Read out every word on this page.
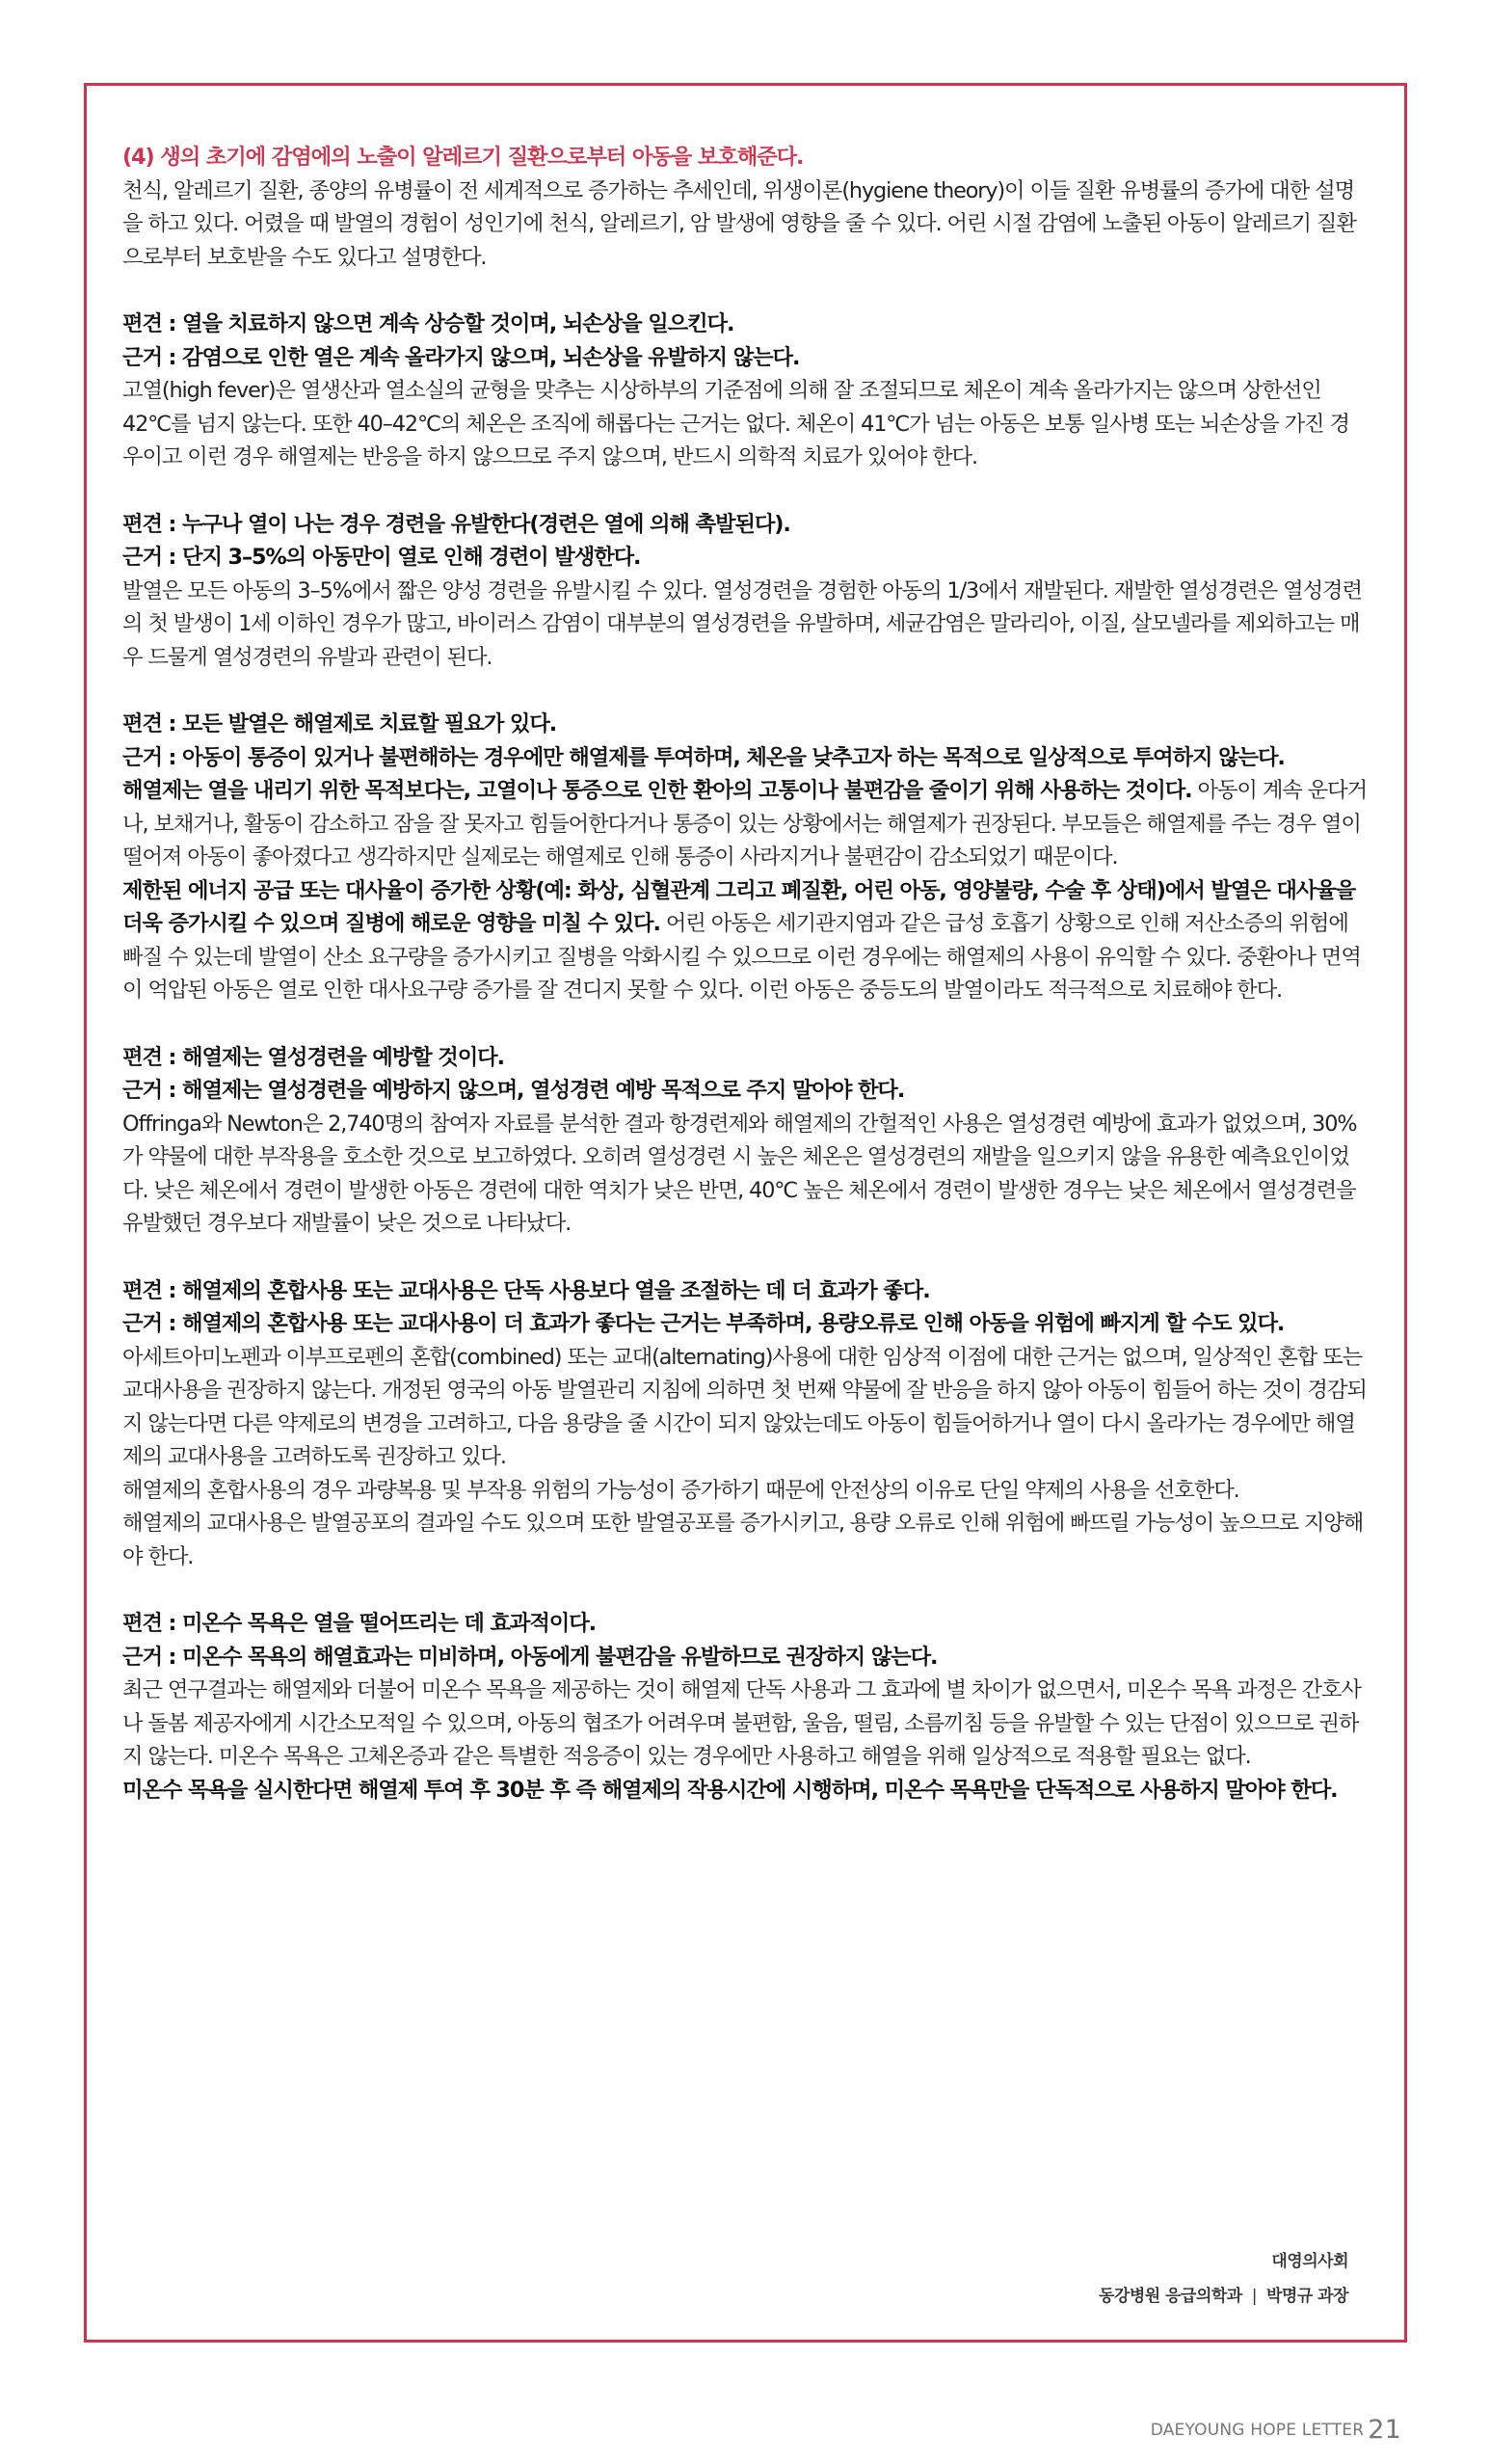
(4) 생의 초기에 감염에의 노출이 알레르기 질환으로부터 아동을 보호해준다.

천식, 알레르기 질환, 종양의 유병률이 전 세계적으로 증가하는 추세인데, 위생이론(hygiene theory)이 이들 질환 유병률의 증가에 대한 설명을 하고 있다. 어렸을 때 발열의 경험이 성인기에 천식, 알레르기, 암 발생에 영향을 줄 수 있다. 어린 시절 감염에 노출된 아동이 알레르기 질환으로부터 보호받을 수도 있다고 설명한다.

편견 : 열을 치료하지 않으면 계속 상승할 것이며, 뇌손상을 일으킨다.

근거 : 감염으로 인한 열은 계속 올라가지 않으며, 뇌손상을 유발하지 않는다.

고열(high fever)은 열생산과 열소실의 균형을 맞추는 시상하부의 기준점에 의해 잘 조절되므로 체온이 계속 올라가지는 않으며 상한선인 42℃를 넘지 않는다. 또한 40–42℃의 체온은 조직에 해롭다는 근거는 없다. 체온이 41℃가 넘는 아동은 보통 일사병 또는 뇌손상을 가진 경우이고 이런 경우 해열제는 반응을 하지 않으므로 주지 않으며, 반드시 의학적 치료가 있어야 한다.

편견 : 누구나 열이 나는 경우 경련을 유발한다(경련은 열에 의해 촉발된다).

근거 : 단지 3–5%의 아동만이 열로 인해 경련이 발생한다.

발열은 모든 아동의 3–5%에서 짧은 양성 경련을 유발시킬 수 있다. 열성경련을 경험한 아동의 1/3에서 재발된다. 재발한 열성경련은 열성경련의 첫 발생이 1세 이하인 경우가 많고, 바이러스 감염이 대부분의 열성경련을 유발하며, 세균감염은 말라리아, 이질, 살모넬라를 제외하고는 매우 드물게 열성경련의 유발과 관련이 된다.

편견 : 모든 발열은 해열제로 치료할 필요가 있다.

근거 : 아동이 통증이 있거나 불편해하는 경우에만 해열제를 투여하며, 체온을 낮추고자 하는 목적으로 일상적으로 투여하지 않는다.

해열제는 열을 내리기 위한 목적보다는, 고열이나 통증으로 인한 환아의 고통이나 불편감을 줄이기 위해 사용하는 것이다. 아동이 계속 운다거나, 보채거나, 활동이 감소하고 잠을 잘 못자고 힘들어한다거나 통증이 있는 상황에서는 해열제가 권장된다. 부모들은 해열제를 주는 경우 열이 떨어져 아동이 좋아졌다고 생각하지만 실제로는 해열제로 인해 통증이 사라지거나 불편감이 감소되었기 때문이다.

제한된 에너지 공급 또는 대사율이 증가한 상황(예: 화상, 심혈관계 그리고 폐질환, 어린 아동, 영양불량, 수술 후 상태)에서 발열은 대사율을 더욱 증가시킬 수 있으며 질병에 해로운 영향을 미칠 수 있다. 어린 아동은 세기관지염과 같은 급성 호흡기 상황으로 인해 저산소증의 위험에 빠질 수 있는데 발열이 산소 요구량을 증가시키고 질병을 악화시킬 수 있으므로 이런 경우에는 해열제의 사용이 유익할 수 있다. 중환아나 면역이 억압된 아동은 열로 인한 대사요구량 증가를 잘 견디지 못할 수 있다. 이런 아동은 중등도의 발열이라도 적극적으로 치료해야 한다.

편견 : 해열제는 열성경련을 예방할 것이다.

근거 : 해열제는 열성경련을 예방하지 않으며, 열성경련 예방 목적으로 주지 말아야 한다.

Offringa와 Newton은 2,740명의 참여자 자료를 분석한 결과 항경련제와 해열제의 간헐적인 사용은 열성경련 예방에 효과가 없었으며, 30%가 약물에 대한 부작용을 호소한 것으로 보고하였다. 오히려 열성경련 시 높은 체온은 열성경련의 재발을 일으키지 않을 유용한 예측요인이었다. 낮은 체온에서 경련이 발생한 아동은 경련에 대한 역치가 낮은 반면, 40℃ 높은 체온에서 경련이 발생한 경우는 낮은 체온에서 열성경련을 유발했던 경우보다 재발률이 낮은 것으로 나타났다.

편견 : 해열제의 혼합사용 또는 교대사용은 단독 사용보다 열을 조절하는 데 더 효과가 좋다.

근거 : 해열제의 혼합사용 또는 교대사용이 더 효과가 좋다는 근거는 부족하며, 용량오류로 인해 아동을 위험에 빠지게 할 수도 있다.

아세트아미노펜과 이부프로펜의 혼합(combined) 또는 교대(alternating)사용에 대한 임상적 이점에 대한 근거는 없으며, 일상적인 혼합 또는 교대사용을 권장하지 않는다. 개정된 영국의 아동 발열관리 지침에 의하면 첫 번째 약물에 잘 반응을 하지 않아 아동이 힘들어 하는 것이 경감되지 않는다면 다른 약제로의 변경을 고려하고, 다음 용량을 줄 시간이 되지 않았는데도 아동이 힘들어하거나 열이 다시 올라가는 경우에만 해열제의 교대사용을 고려하도록 권장하고 있다.

해열제의 혼합사용의 경우 과량복용 및 부작용 위험의 가능성이 증가하기 때문에 안전상의 이유로 단일 약제의 사용을 선호한다.

해열제의 교대사용은 발열공포의 결과일 수도 있으며 또한 발열공포를 증가시키고, 용량 오류로 인해 위험에 빠뜨릴 가능성이 높으므로 지양해야 한다.

편견 : 미온수 목욕은 열을 떨어뜨리는 데 효과적이다.

근거 : 미온수 목욕의 해열효과는 미비하며, 아동에게 불편감을 유발하므로 권장하지 않는다.

최근 연구결과는 해열제와 더불어 미온수 목욕을 제공하는 것이 해열제 단독 사용과 그 효과에 별 차이가 없으면서, 미온수 목욕 과정은 간호사나 돌봄 제공자에게 시간소모적일 수 있으며, 아동의 협조가 어려우며 불편함, 울음, 떨림, 소름끼침 등을 유발할 수 있는 단점이 있으므로 권하지 않는다. 미온수 목욕은 고체온증과 같은 특별한 적응증이 있는 경우에만 사용하고 해열을 위해 일상적으로 적용할 필요는 없다.

미온수 목욕을 실시한다면 해열제 투여 후 30분 후 즉 해열제의 작용시간에 시행하며, 미온수 목욕만을 단독적으로 사용하지 말아야 한다.

대영의사회
동강병원 응급의학과 | 박명규 과장
DAEYOUNG HOPE LETTER 21
